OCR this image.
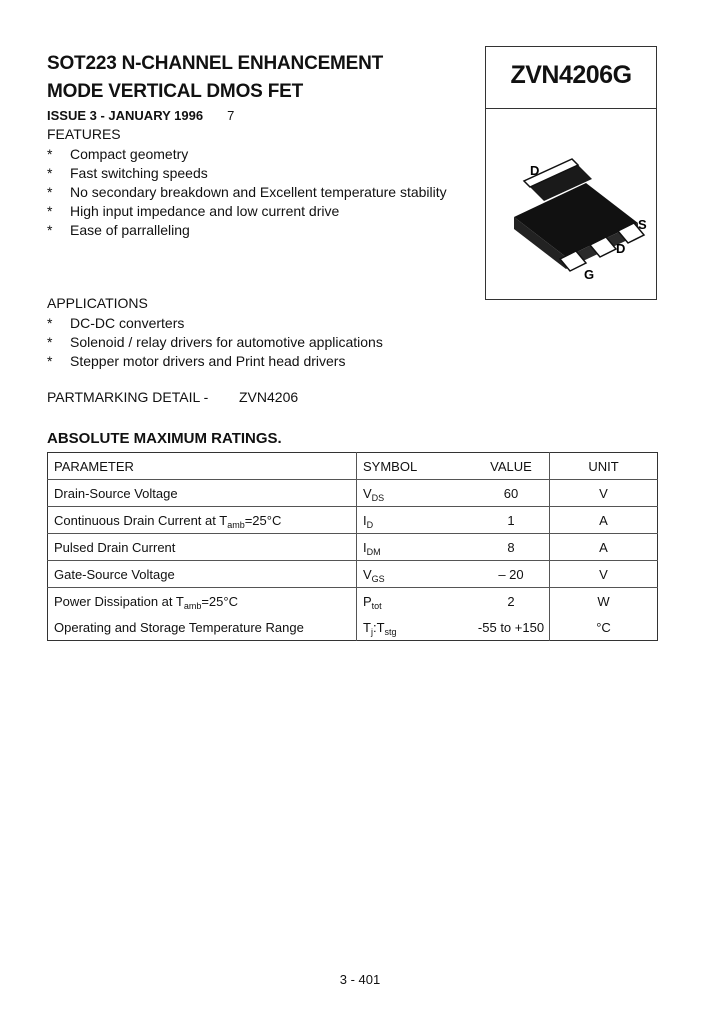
SOT223 N-CHANNEL ENHANCEMENT
MODE VERTICAL DMOS FET
ZVN4206G
D
S
D
G
ISSUE 3 - JANUARY 1996 7
FEATURES
* Compact geometry
* Fast switching speeds
* No secondary breakdown and Excellent temperature stability
* High input impedance and low current drive
* Ease of parralleling
APPLICATIONS
* DC-DC converters
* Solenoid / relay drivers for automotive applications
* Stepper motor drivers and Print head drivers
PARTMARKING DETAIL - ZVN4206
ABSOLUTE MAXIMUM RATINGS.
PARAMETER	SYMBOL	VALUE	UNIT
Drain-Source Voltage	$V_{DS}$	60	V
Continuous Drain Current at $T_{amb}=25^\circ C$	$I_D$	1	A
Pulsed Drain Current	$I_{DM}$	8	A
Gate-Source Voltage	$V_{GS}$	– 20	V
Power Dissipation at $T_{amb}=25^\circ C$	$P_{tot}$	2	W
Operating and Storage Temperature Range	$T_j:T_{stg}$	-55 to +150	°C
3 - 401
